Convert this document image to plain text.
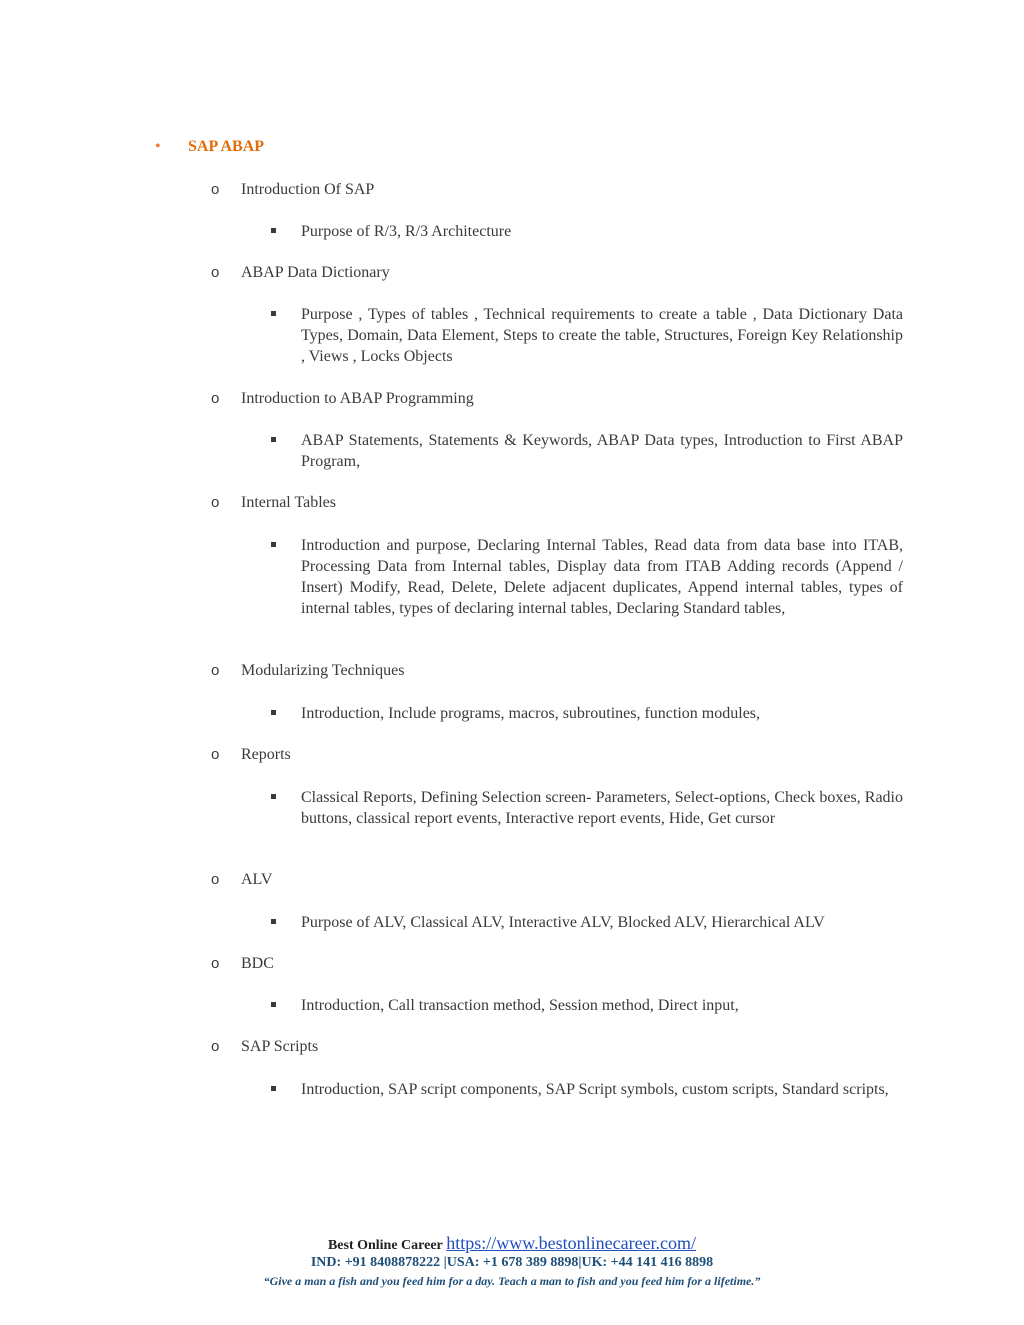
• SAP ABAP
o Introduction Of SAP
Purpose of R/3, R/3 Architecture
o ABAP Data Dictionary
Purpose , Types of tables , Technical requirements to create a table , Data Dictionary Data Types, Domain, Data Element, Steps to create the table, Structures, Foreign Key Relationship , Views , Locks Objects
o Introduction to ABAP Programming
ABAP Statements, Statements & Keywords, ABAP Data types, Introduction to First ABAP Program,
o Internal Tables
Introduction and purpose, Declaring Internal Tables, Read data from data base into ITAB, Processing Data from Internal tables, Display data from ITAB Adding records (Append / Insert) Modify, Read, Delete, Delete adjacent duplicates, Append internal tables, types of internal tables, types of declaring internal tables, Declaring Standard tables,
o Modularizing Techniques
Introduction, Include programs, macros, subroutines, function modules,
o Reports
Classical Reports, Defining Selection screen- Parameters, Select-options, Check boxes, Radio buttons, classical report events, Interactive report events, Hide, Get cursor
o ALV
Purpose of ALV, Classical ALV, Interactive ALV, Blocked ALV, Hierarchical ALV
o BDC
Introduction, Call transaction method, Session method, Direct input,
o SAP Scripts
Introduction, SAP script components, SAP Script symbols, custom scripts, Standard scripts,
Best Online Career https://www.bestonlinecareer.com/
IND: +91 8408878222 |USA: +1 678 389 8898|UK: +44 141 416 8898
“Give a man a fish and you feed him for a day. Teach a man to fish and you feed him for a lifetime.”
